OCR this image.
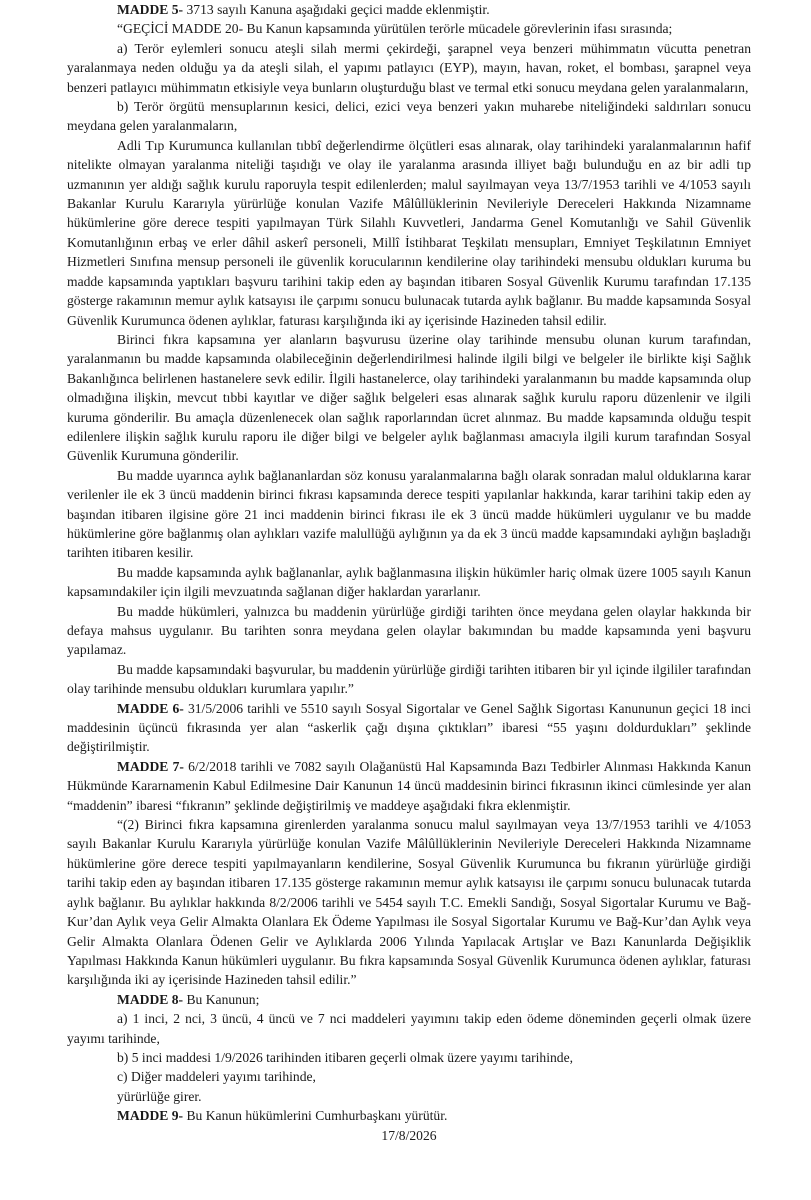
MADDE 5- 3713 sayılı Kanuna aşağıdaki geçici madde eklenmiştir.

“GEÇİCİ MADDE 20- Bu Kanun kapsamında yürütülen terörle mücadele görevlerinin ifası sırasında;

a) Terör eylemleri sonucu ateşli silah mermi çekirdeği, şarapnel veya benzeri mühimmatın vücutta penetran yaralanmaya neden olduğu ya da ateşli silah, el yapımı patlayıcı (EYP), mayın, havan, roket, el bombası, şarapnel veya benzeri patlayıcı mühimmatın etkisiyle veya bunların oluşturduğu blast ve termal etki sonucu meydana gelen yaralanmaların,

b) Terör örgütü mensuplarının kesici, delici, ezici veya benzeri yakın muharebe niteliğindeki saldırıları sonucu meydana gelen yaralanmaların,

Adli Tıp Kurumunca kullanılan tıbbî değerlendirme ölçütleri esas alınarak, olay tarihindeki yaralanmalarının hafif nitelikte olmayan yaralanma niteliği taşıdığı ve olay ile yaralanma arasında illiyet bağı bulunduğu en az bir adli tıp uzmanının yer aldığı sağlık kurulu raporuyla tespit edilenlerden; malul sayılmayan veya 13/7/1953 tarihli ve 4/1053 sayılı Bakanlar Kurulu Kararıyla yürürlüğe konulan Vazife Mâlûllüklerinin Nevileriyle Dereceleri Hakkında Nizamname hükümlerine göre derece tespiti yapılmayan Türk Silahlı Kuvvetleri, Jandarma Genel Komutanlığı ve Sahil Güvenlik Komutanlığının erbaş ve erler dâhil askerî personeli, Millî İstihbarat Teşkilatı mensupları, Emniyet Teşkilatının Emniyet Hizmetleri Sınıfına mensup personeli ile güvenlik korucularının kendilerine olay tarihindeki mensubu oldukları kuruma bu madde kapsamında yaptıkları başvuru tarihini takip eden ay başından itibaren Sosyal Güvenlik Kurumu tarafından 17.135 gösterge rakamının memur aylık katsayısı ile çarpımı sonucu bulunacak tutarda aylık bağlanır. Bu madde kapsamında Sosyal Güvenlik Kurumunca ödenen aylıklar, faturası karşılığında iki ay içerisinde Hazineden tahsil edilir.

Birinci fıkra kapsamına yer alanların başvurusu üzerine olay tarihinde mensubu olunan kurum tarafından, yaralanmanın bu madde kapsamında olabileceğinin değerlendirilmesi halinde ilgili bilgi ve belgeler ile birlikte kişi Sağlık Bakanlığınca belirlenen hastanelere sevk edilir. İlgili hastanelerce, olay tarihindeki yaralanmanın bu madde kapsamında olup olmadığına ilişkin, mevcut tıbbi kayıtlar ve diğer sağlık belgeleri esas alınarak sağlık kurulu raporu düzenlenir ve ilgili kuruma gönderilir. Bu amaçla düzenlenecek olan sağlık raporlarından ücret alınmaz. Bu madde kapsamında olduğu tespit edilenlere ilişkin sağlık kurulu raporu ile diğer bilgi ve belgeler aylık bağlanması amacıyla ilgili kurum tarafından Sosyal Güvenlik Kurumuna gönderilir.

Bu madde uyarınca aylık bağlananlardan söz konusu yaralanmalarına bağlı olarak sonradan malul olduklarına karar verilenler ile ek 3 üncü maddenin birinci fıkrası kapsamında derece tespiti yapılanlar hakkında, karar tarihini takip eden ay başından itibaren ilgisine göre 21 inci maddenin birinci fıkrası ile ek 3 üncü madde hükümleri uygulanır ve bu madde hükümlerine göre bağlanmış olan aylıkları vazife malullüğü aylığının ya da ek 3 üncü madde kapsamındaki aylığın başladığı tarihten itibaren kesilir.

Bu madde kapsamında aylık bağlananlar, aylık bağlanmasına ilişkin hükümler hariç olmak üzere 1005 sayılı Kanun kapsamındakiler için ilgili mevzuatında sağlanan diğer haklardan yararlanır.

Bu madde hükümleri, yalnızca bu maddenin yürürlüğe girdiği tarihten önce meydana gelen olaylar hakkında bir defaya mahsus uygulanır. Bu tarihten sonra meydana gelen olaylar bakımından bu madde kapsamında yeni başvuru yapılamaz.

Bu madde kapsamındaki başvurular, bu maddenin yürürlüğe girdiği tarihten itibaren bir yıl içinde ilgililer tarafından olay tarihinde mensubu oldukları kurumlara yapılır.”

MADDE 6- 31/5/2006 tarihli ve 5510 sayılı Sosyal Sigortalar ve Genel Sağlık Sigortası Kanununun geçici 18 inci maddesinin üçüncü fıkrasında yer alan “askerlik çağı dışına çıktıkları” ibaresi “55 yaşını doldurdukları” şeklinde değiştirilmiştir.

MADDE 7- 6/2/2018 tarihli ve 7082 sayılı Olağanüstü Hal Kapsamında Bazı Tedbirler Alınması Hakkında Kanun Hükmünde Kararnamenin Kabul Edilmesine Dair Kanunun 14 üncü maddesinin birinci fıkrasının ikinci cümlesinde yer alan “maddenin” ibaresi “fıkranın” şeklinde değiştirilmiş ve maddeye aşağıdaki fıkra eklenmiştir.

“(2) Birinci fıkra kapsamına girenlerden yaralanma sonucu malul sayılmayan veya 13/7/1953 tarihli ve 4/1053 sayılı Bakanlar Kurulu Kararıyla yürürlüğe konulan Vazife Mâlûllüklerinin Nevileriyle Dereceleri Hakkında Nizamname hükümlerine göre derece tespiti yapılmayanların kendilerine, Sosyal Güvenlik Kurumunca bu fıkranın yürürlüğe girdiği tarihi takip eden ay başından itibaren 17.135 gösterge rakamının memur aylık katsayısı ile çarpımı sonucu bulunacak tutarda aylık bağlanır. Bu aylıklar hakkında 8/2/2006 tarihli ve 5454 sayılı T.C. Emekli Sandığı, Sosyal Sigortalar Kurumu ve Bağ-Kur’dan Aylık veya Gelir Almakta Olanlara Ek Ödeme Yapılması ile Sosyal Sigortalar Kurumu ve Bağ-Kur’dan Aylık veya Gelir Almakta Olanlara Ödenen Gelir ve Aylıklarda 2006 Yılında Yapılacak Artışlar ve Bazı Kanunlarda Değişiklik Yapılması Hakkında Kanun hükümleri uygulanır. Bu fıkra kapsamında Sosyal Güvenlik Kurumunca ödenen aylıklar, faturası karşılığında iki ay içerisinde Hazineden tahsil edilir.”

MADDE 8- Bu Kanunun;

a) 1 inci, 2 nci, 3 üncü, 4 üncü ve 7 nci maddeleri yayımını takip eden ödeme döneminden geçerli olmak üzere yayımı tarihinde,

b) 5 inci maddesi 1/9/2026 tarihinden itibaren geçerli olmak üzere yayımı tarihinde,

c) Diğer maddeleri yayımı tarihinde,

yürürlüğe girer.

MADDE 9- Bu Kanun hükümlerini Cumhurbaşkanı yürütür.

17/8/2026
